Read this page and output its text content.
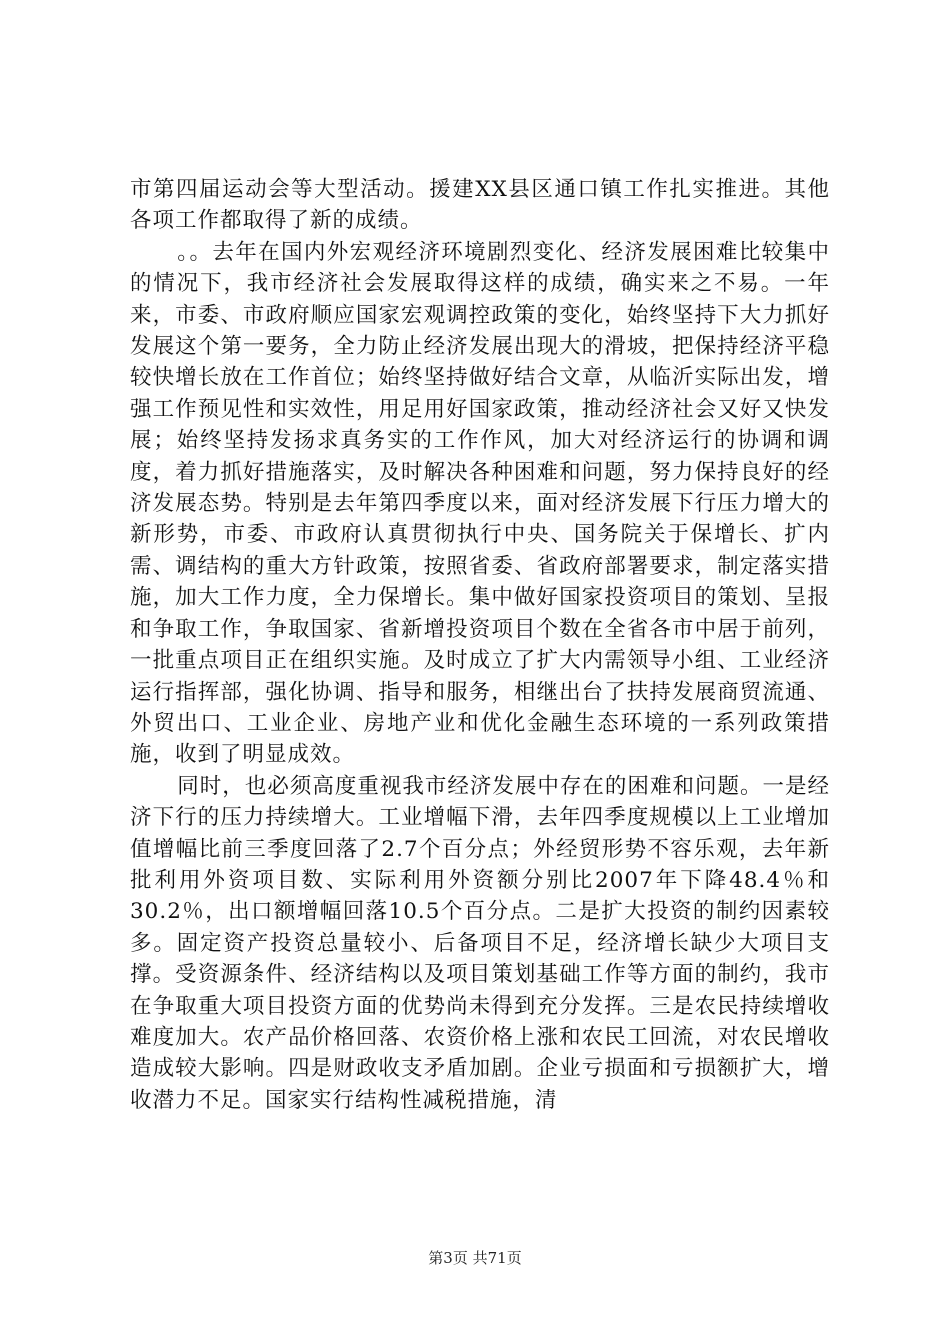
市第四届运动会等大型活动。援建XX县区通口镇工作扎实推进。其他各项工作都取得了新的成绩。

。。去年在国内外宏观经济环境剧烈变化、经济发展困难比较集中的情况下，我市经济社会发展取得这样的成绩，确实来之不易。一年来，市委、市政府顺应国家宏观调控政策的变化，始终坚持下大力抓好发展这个第一要务，全力防止经济发展出现大的滑坡，把保持经济平稳较快增长放在工作首位；始终坚持做好结合文章，从临沂实际出发，增强工作预见性和实效性，用足用好国家政策，推动经济社会又好又快发展；始终坚持发扬求真务实的工作作风，加大对经济运行的协调和调度，着力抓好措施落实，及时解决各种困难和问题，努力保持良好的经济发展态势。特别是去年第四季度以来，面对经济发展下行压力增大的新形势，市委、市政府认真贯彻执行中央、国务院关于保增长、扩内需、调结构的重大方针政策，按照省委、省政府部署要求，制定落实措施，加大工作力度，全力保增长。集中做好国家投资项目的策划、呈报和争取工作，争取国家、省新增投资项目个数在全省各市中居于前列，一批重点项目正在组织实施。及时成立了扩大内需领导小组、工业经济运行指挥部，强化协调、指导和服务，相继出台了扶持发展商贸流通、外贸出口、工业企业、房地产业和优化金融生态环境的一系列政策措施，收到了明显成效。

同时，也必须高度重视我市经济发展中存在的困难和问题。一是经济下行的压力持续增大。工业增幅下滑，去年四季度规模以上工业增加值增幅比前三季度回落了2.7个百分点；外经贸形势不容乐观，去年新批利用外资项目数、实际利用外资额分别比2007年下降48.4％和30.2％，出口额增幅回落10.5个百分点。二是扩大投资的制约因素较多。固定资产投资总量较小、后备项目不足，经济增长缺少大项目支撑。受资源条件、经济结构以及项目策划基础工作等方面的制约，我市在争取重大项目投资方面的优势尚未得到充分发挥。三是农民持续增收难度加大。农产品价格回落、农资价格上涨和农民工回流，对农民增收造成较大影响。四是财政收支矛盾加剧。企业亏损面和亏损额扩大，增收潜力不足。国家实行结构性减税措施，清

第3页 共71页
